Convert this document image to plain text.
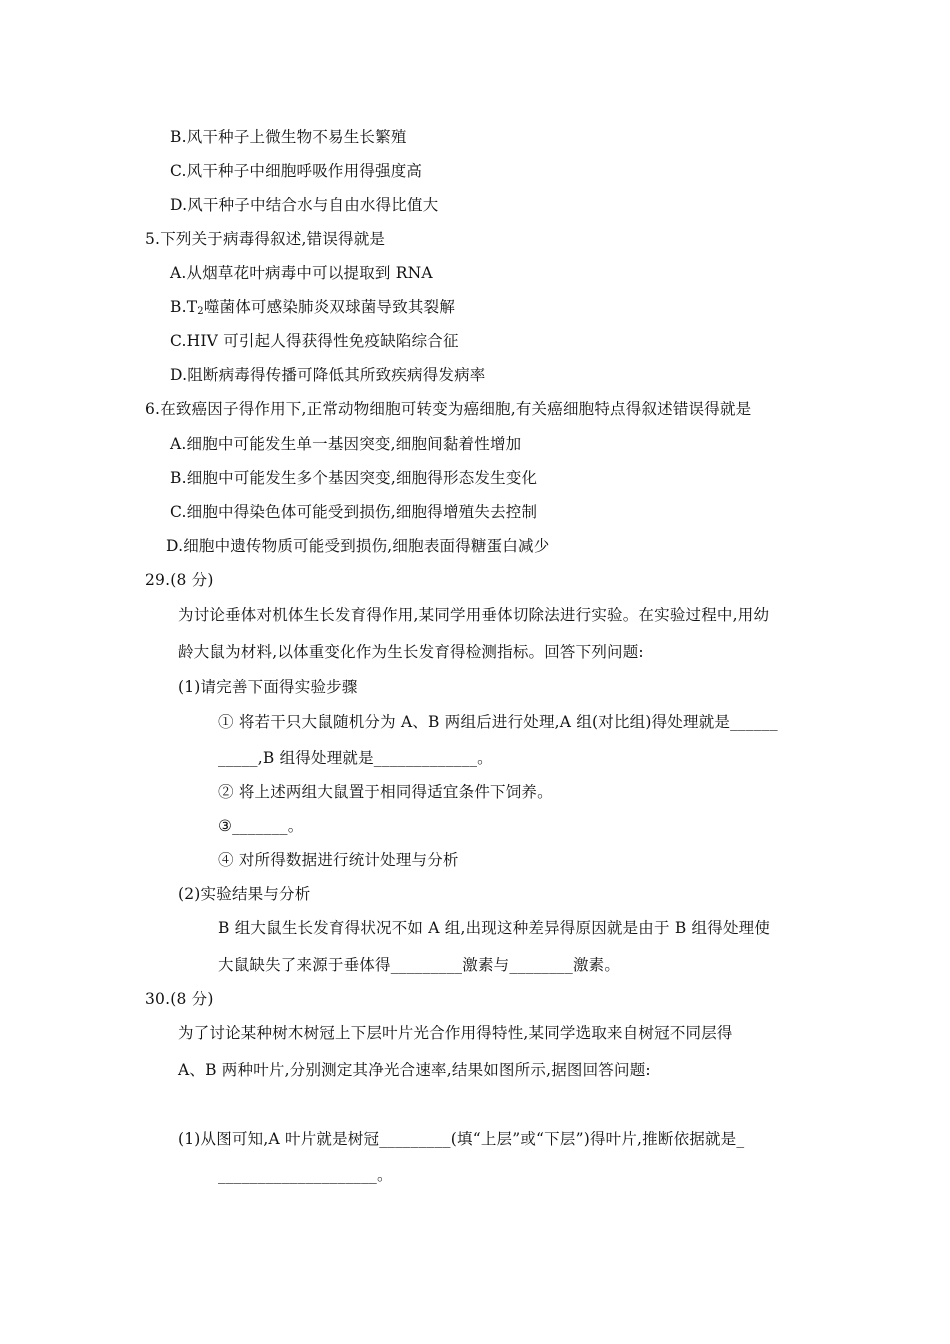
B.风干种子上微生物不易生长繁殖
C.风干种子中细胞呼吸作用得强度高
D.风干种子中结合水与自由水得比值大
5.下列关于病毒得叙述,错误得就是
A.从烟草花叶病毒中可以提取到 RNA
$B.T_2$噬菌体可感染肺炎双球菌导致其裂解
C.HIV 可引起人得获得性免疫缺陷综合征
D.阻断病毒得传播可降低其所致疾病得发病率
6.在致癌因子得作用下,正常动物细胞可转变为癌细胞,有关癌细胞特点得叙述错误得就是
A.细胞中可能发生单一基因突变,细胞间黏着性增加
B.细胞中可能发生多个基因突变,细胞得形态发生变化
C.细胞中得染色体可能受到损伤,细胞得增殖失去控制
D.细胞中遗传物质可能受到损伤,细胞表面得糖蛋白减少
29.(8 分)
为讨论垂体对机体生长发育得作用,某同学用垂体切除法进行实验。在实验过程中,用幼
龄大鼠为材料,以体重变化作为生长发育得检测指标。回答下列问题:
(1)请完善下面得实验步骤
① 将若干只大鼠随机分为 A、B 两组后进行处理,A 组(对比组)得处理就是______
_____,B 组得处理就是_____________。
② 将上述两组大鼠置于相同得适宜条件下饲养。
③_______。
④ 对所得数据进行统计处理与分析
(2)实验结果与分析
B 组大鼠生长发育得状况不如 A 组,出现这种差异得原因就是由于 B 组得处理使
大鼠缺失了来源于垂体得_________激素与________激素。
30.(8 分)
为了讨论某种树木树冠上下层叶片光合作用得特性,某同学选取来自树冠不同层得
A、B 两种叶片,分别测定其净光合速率,结果如图所示,据图回答问题:
(1)从图可知,A 叶片就是树冠_________(填“上层”或“下层”)得叶片,推断依据就是_
____________________。
